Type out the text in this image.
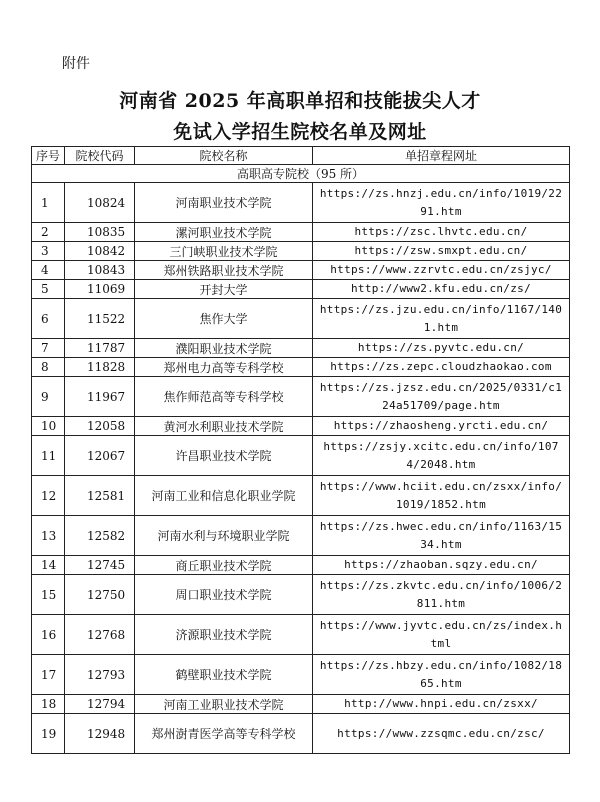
附件
河南省 2025 年高职单招和技能拔尖人才
免试入学招生院校名单及网址
序号	院校代码	院校名称	单招章程网址
高职高专院校（95 所）			
1	10824	河南职业技术学院	https://zs.hnzj.edu.cn/info/1019/2291.htm
2	10835	漯河职业技术学院	https://zsc.lhvtc.edu.cn/
3	10842	三门峡职业技术学院	https://zsw.smxpt.edu.cn/
4	10843	郑州铁路职业技术学院	https://www.zzrvtc.edu.cn/zsjyc/
5	11069	开封大学	http://www2.kfu.edu.cn/zs/
6	11522	焦作大学	https://zs.jzu.edu.cn/info/1167/1401.htm
7	11787	濮阳职业技术学院	https://zs.pyvtc.edu.cn/
8	11828	郑州电力高等专科学校	https://zs.zepc.cloudzhaokao.com
9	11967	焦作师范高等专科学校	https://zs.jzsz.edu.cn/2025/0331/c124a51709/page.htm
10	12058	黄河水利职业技术学院	https://zhaosheng.yrcti.edu.cn/
11	12067	许昌职业技术学院	https://zsjy.xcitc.edu.cn/info/1074/2048.htm
12	12581	河南工业和信息化职业学院	https://www.hciit.edu.cn/zsxx/info/1019/1852.htm
13	12582	河南水利与环境职业学院	https://zs.hwec.edu.cn/info/1163/1534.htm
14	12745	商丘职业技术学院	https://zhaoban.sqzy.edu.cn/
15	12750	周口职业技术学院	https://zs.zkvtc.edu.cn/info/1006/2811.htm
16	12768	济源职业技术学院	https://www.jyvtc.edu.cn/zs/index.html
17	12793	鹤壁职业技术学院	https://zs.hbzy.edu.cn/info/1082/1865.htm
18	12794	河南工业职业技术学院	http://www.hnpi.edu.cn/zsxx/
19	12948	郑州澍青医学高等专科学校	https://www.zzsqmc.edu.cn/zsc/
